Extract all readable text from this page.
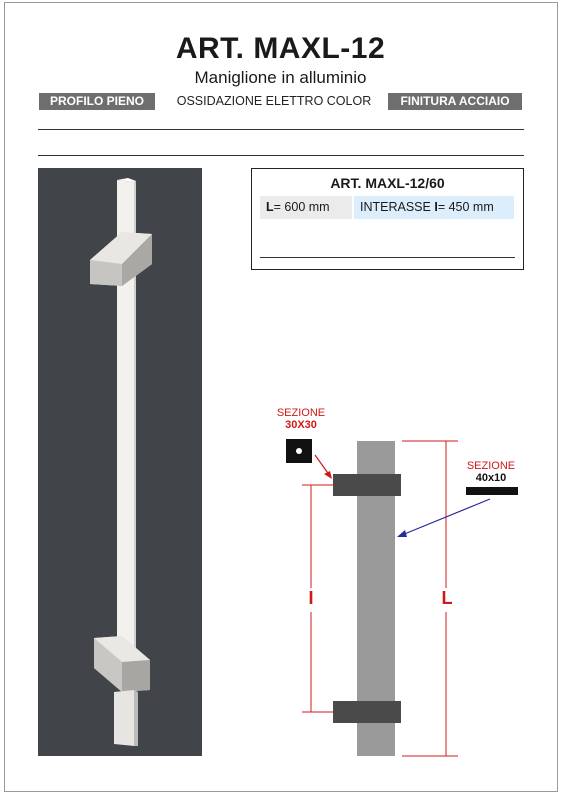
ART. MAXL-12
Maniglione in alluminio
PROFILO PIENO	OSSIDAZIONE ELETTRO COLOR	FINITURA ACCIAIO
ART. MAXL-12/60
L= 600 mm	INTERASSE I= 450 mm
SEZIONE
30X30
SEZIONE
40x10
I	L
